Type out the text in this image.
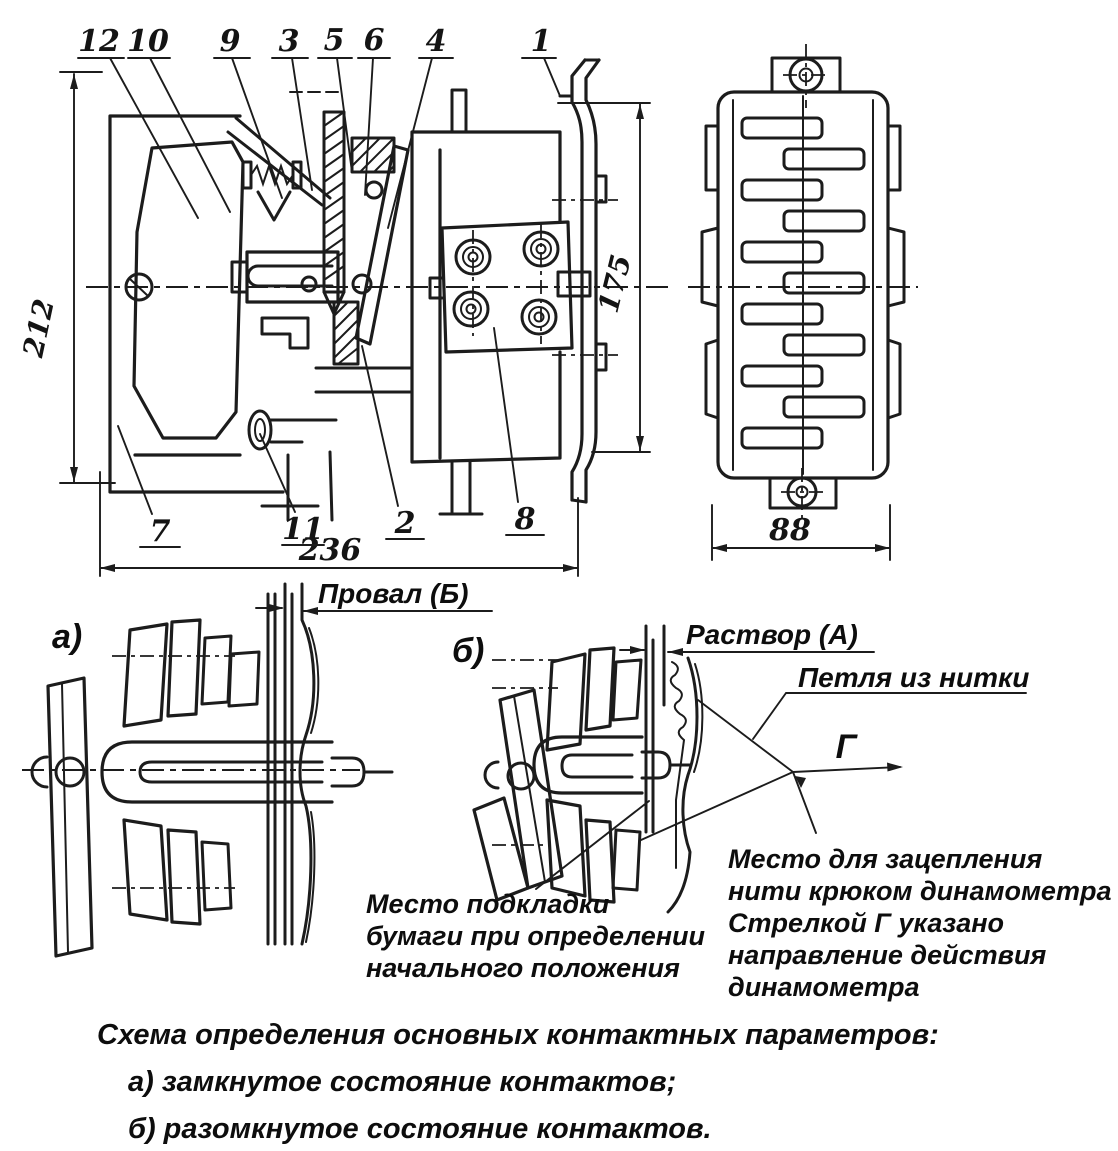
212
236
175
12 10 9 3 5 6 4	1
7	11 2	8	88
а)
Провал (Б)
б)	Раствор (А)
Петля из нитки
Г
Место для зацепления
нити крюком динамометра
Стрелкой Г указано
направление действия
динамометра
Место подкладки
бумаги при определении
начального положения
Схема определения основных контактных параметров:
а) замкнутое состояние контактов;
б) разомкнутое состояние контактов.
